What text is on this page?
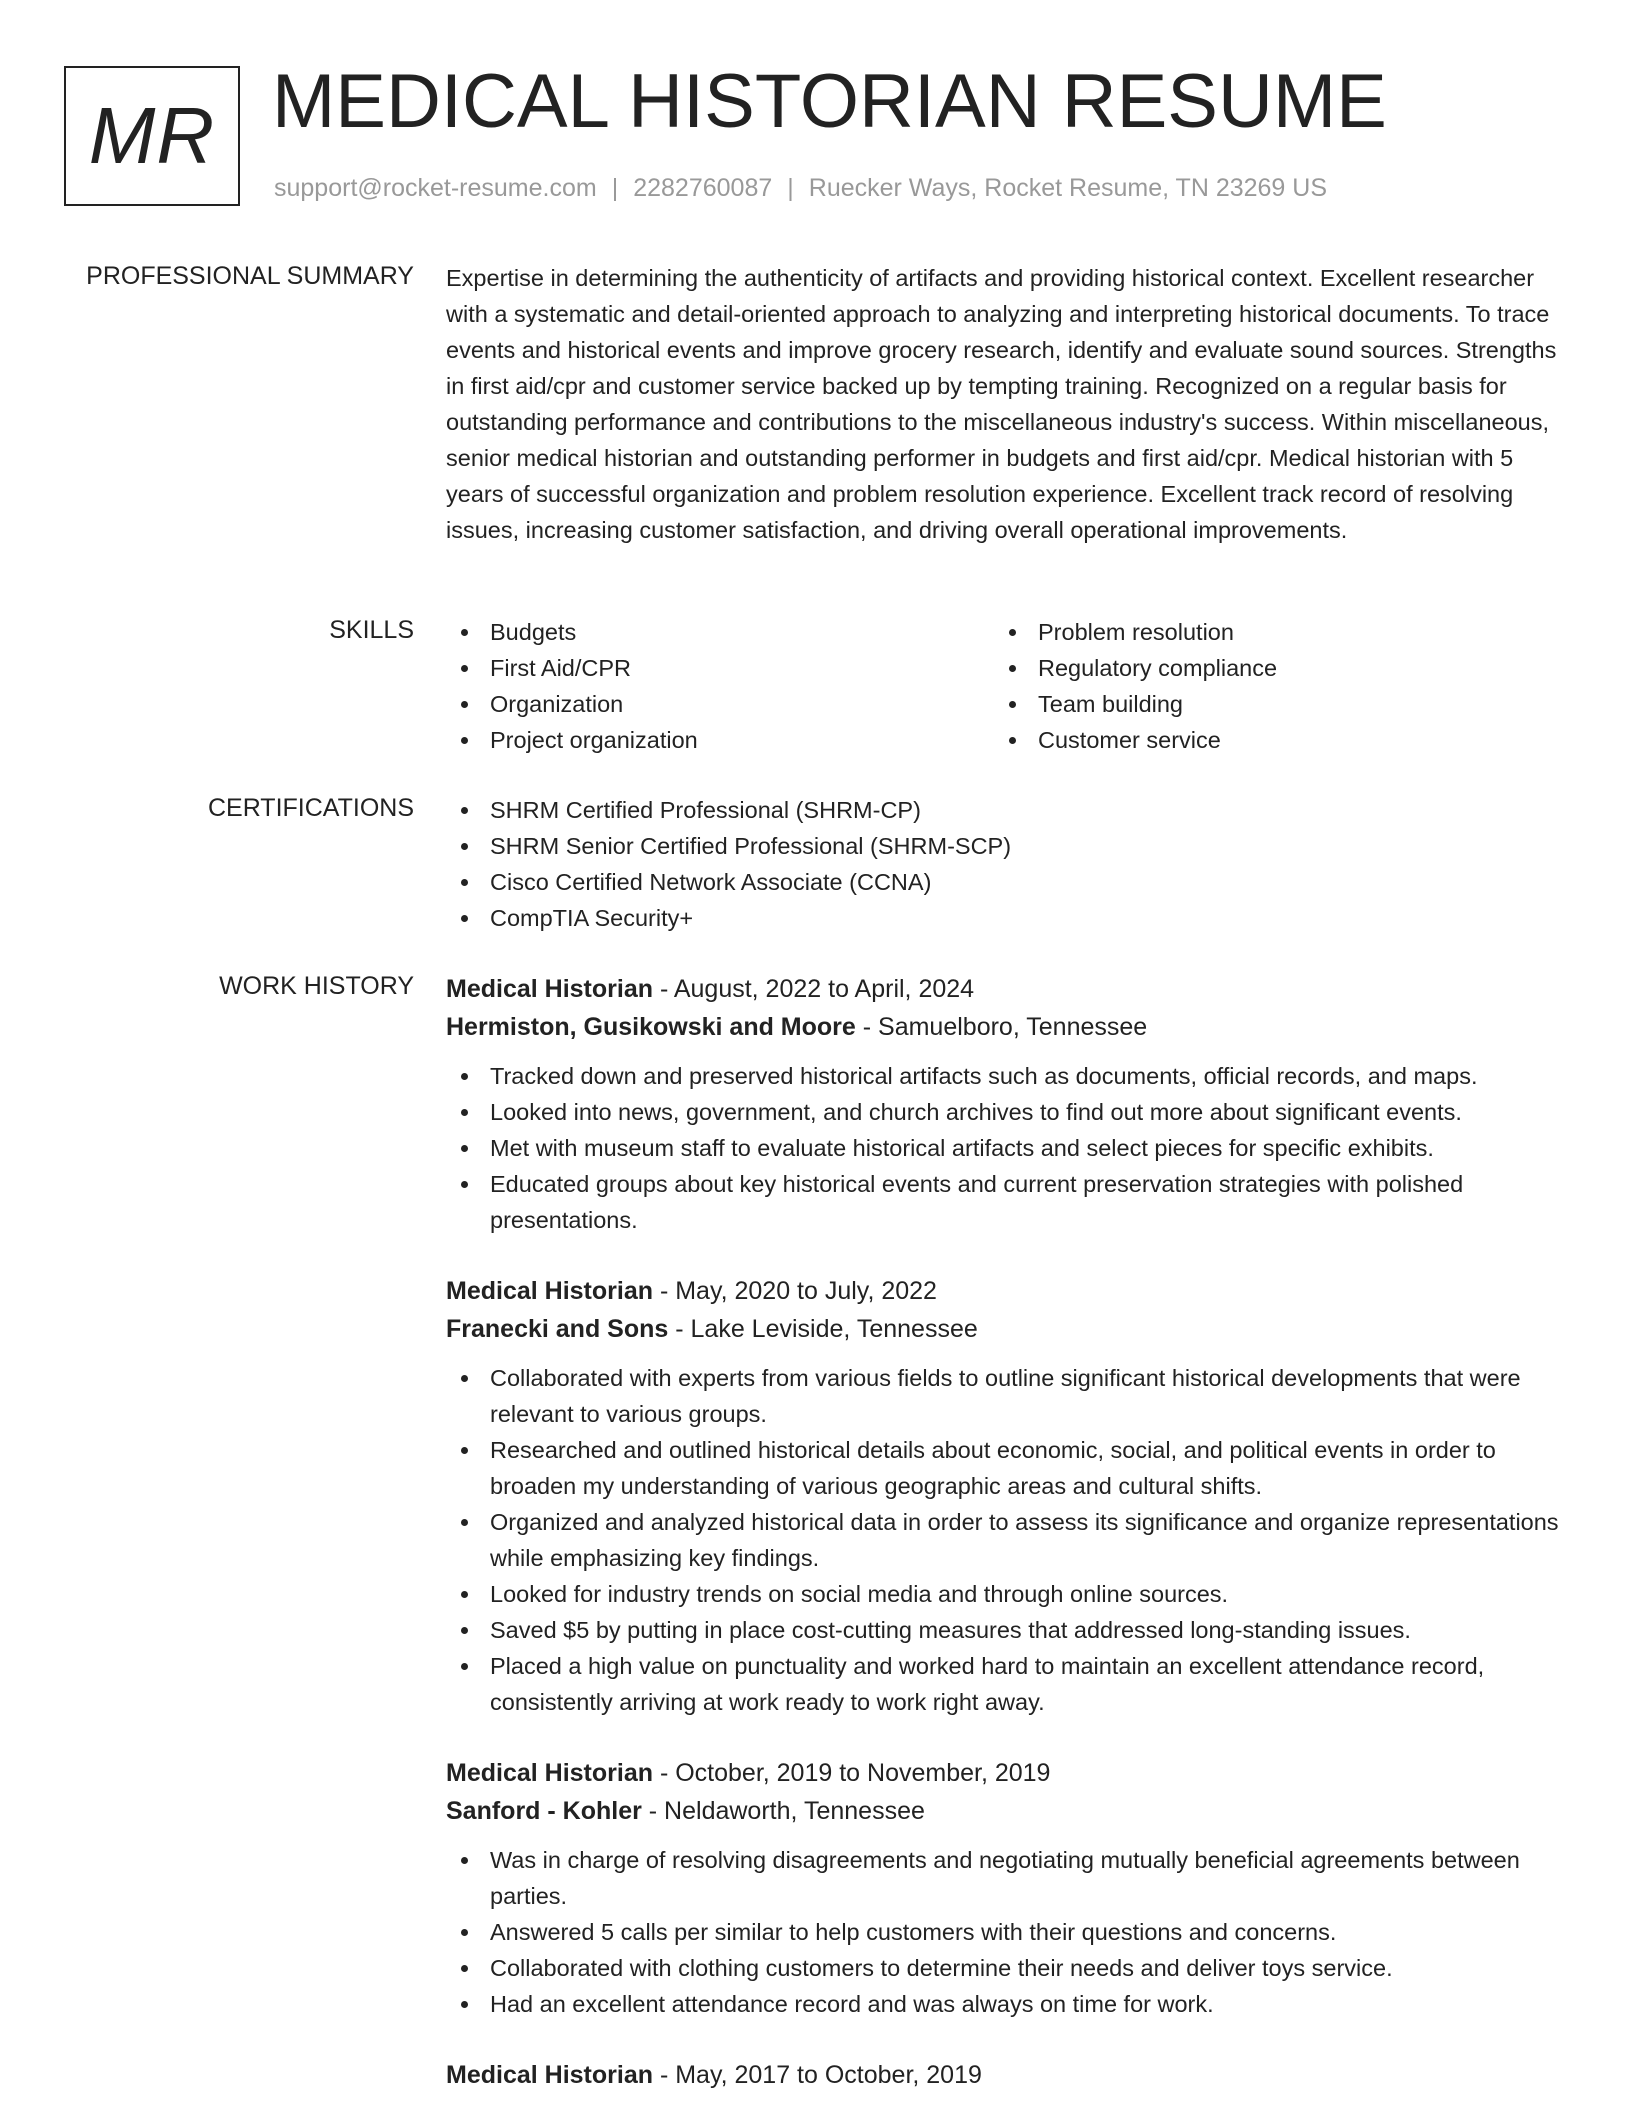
MR MEDICAL HISTORIAN RESUME
support@rocket-resume.com | 2282760087 | Ruecker Ways, Rocket Resume, TN 23269 US
PROFESSIONAL SUMMARY Expertise in determining the authenticity of artifacts and providing historical context. Excellent researcher with a systematic and detail-oriented approach to analyzing and interpreting historical documents. To trace events and historical events and improve grocery research, identify and evaluate sound sources. Strengths in first aid/cpr and customer service backed up by tempting training. Recognized on a regular basis for outstanding performance and contributions to the miscellaneous industry's success. Within miscellaneous, senior medical historian and outstanding performer in budgets and first aid/cpr. Medical historian with 5 years of successful organization and problem resolution experience. Excellent track record of resolving issues, increasing customer satisfaction, and driving overall operational improvements.

SKILLS	Budgets
First Aid/CPR
Organization
Project organization
Problem resolution
Regulatory compliance
Team building
Customer service
CERTIFICATIONS	SHRM Certified Professional (SHRM-CP)
SHRM Senior Certified Professional (SHRM-SCP)
Cisco Certified Network Associate (CCNA)
CompTIA Security+
WORK HISTORY Medical Historian - August, 2022 to April, 2024
Hermiston, Gusikowski and Moore - Samuelboro, Tennessee
Tracked down and preserved historical artifacts such as documents, official records, and maps.
Looked into news, government, and church archives to find out more about significant events.
Met with museum staff to evaluate historical artifacts and select pieces for specific exhibits.
Educated groups about key historical events and current preservation strategies with polished presentations.
Medical Historian - May, 2020 to July, 2022
Franecki and Sons - Lake Leviside, Tennessee
Collaborated with experts from various fields to outline significant historical developments that were relevant to various groups.
Researched and outlined historical details about economic, social, and political events in order to broaden my understanding of various geographic areas and cultural shifts.
Organized and analyzed historical data in order to assess its significance and organize representations while emphasizing key findings.
Looked for industry trends on social media and through online sources.
Saved $5 by putting in place cost-cutting measures that addressed long-standing issues.
Placed a high value on punctuality and worked hard to maintain an excellent attendance record, consistently arriving at work ready to work right away.
Medical Historian - October, 2019 to November, 2019
Sanford - Kohler - Neldaworth, Tennessee
Was in charge of resolving disagreements and negotiating mutually beneficial agreements between parties.
Answered 5 calls per similar to help customers with their questions and concerns.
Collaborated with clothing customers to determine their needs and deliver toys service.
Had an excellent attendance record and was always on time for work.
Medical Historian - May, 2017 to October, 2019
